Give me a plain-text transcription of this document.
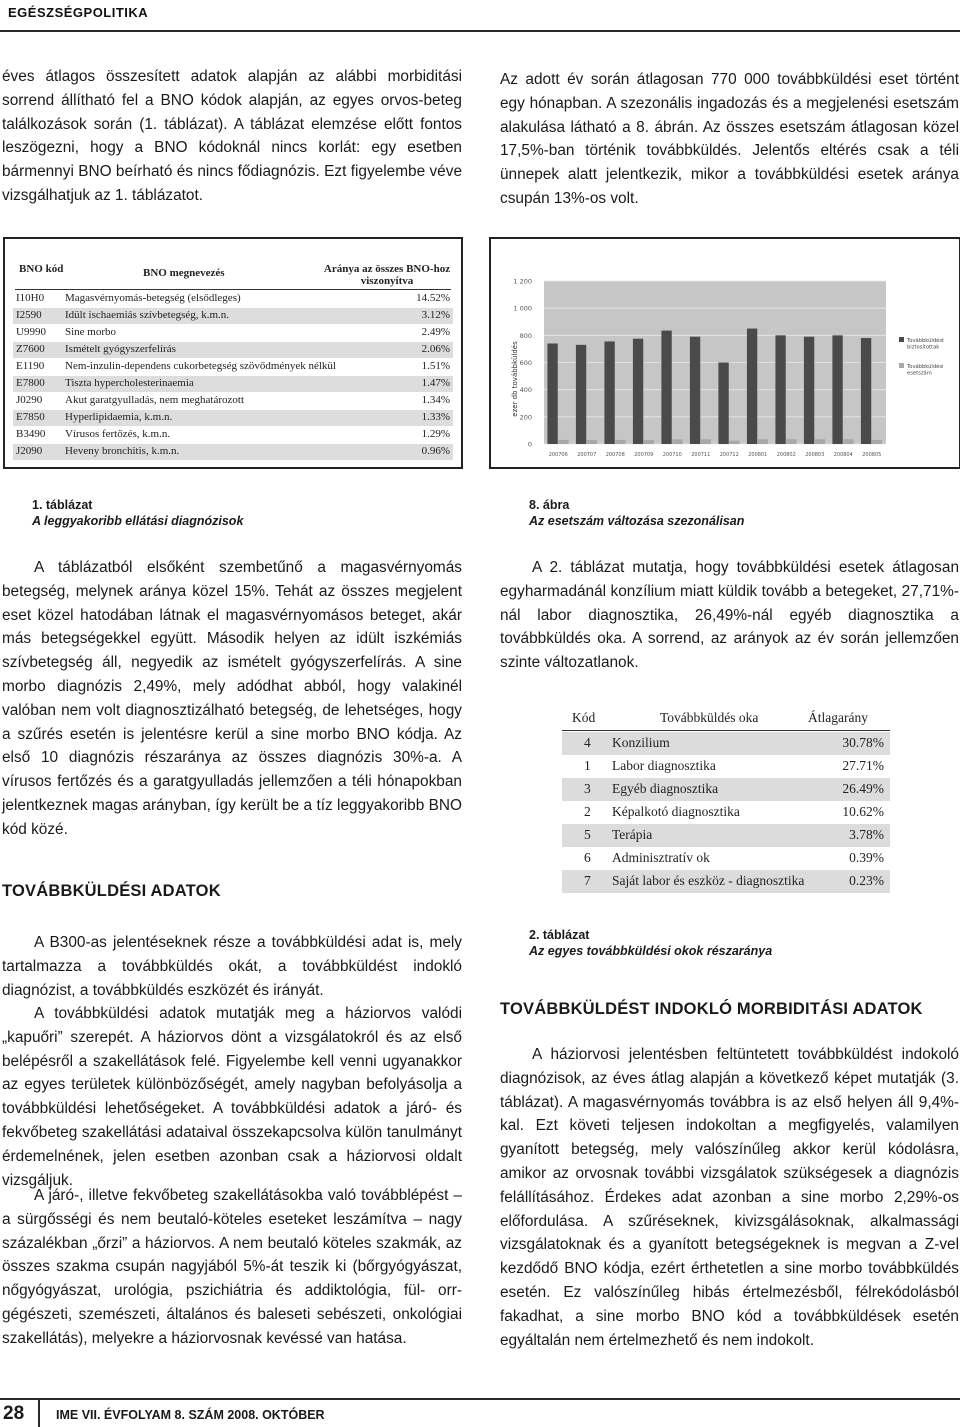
EGÉSZSÉGPOLITIKA

éves átlagos összesített adatok alapján az alábbi morbiditási sorrend állítható fel a BNO kódok alapján, az egyes orvos-beteg találkozások során (1. táblázat). A táblázat elemzése előtt fontos leszögezni, hogy a BNO kódoknál nincs korlát: egy esetben bármennyi BNO beírható és nincs fődiagnózis. Ezt figyelembe véve vizsgálhatjuk az 1. táblázatot.

Az adott év során átlagosan 770 000 továbbküldési eset történt egy hónapban. A szezonális ingadozás és a megjelenési esetszám alakulása látható a 8. ábrán. Az összes esetszám átlagosan közel 17,5%-ban történik továbbküldés. Jelentős eltérés csak a téli ünnepek alatt jelentkezik, mikor a továbbküldési esetek aránya csupán 13%-os volt.

BNO kód	BNO megnevezés	Aránya az összes BNO-hoz viszonyítva
I10H0 Magasvérnyomás-betegség (elsődleges)	14.52%
I2590 Idült ischaemiás szívbetegség, k.m.n.	3.12%
U9990 Sine morbo	2.49%
Z7600 Ismételt gyógyszerfelírás	2.06%
E1190 Nem-inzulin-dependens cukorbetegség szövődmények nélkül	1.51%
E7800 Tiszta hypercholesterinaemia	1.47%
J0290 Akut garatgyulladás, nem meghatározott	1.34%
E7850 Hyperlipidaemia, k.m.n.	1.33%
B3490 Vírusos fertőzés, k.m.n.	1.29%
J2090 Heveny bronchitis, k.m.n.	0.96%
0
200
400
600
800
1 000
1 200
200706 200707 200708 200709 200710 200711 200712 200801 200802 200803 200804 200805
ezer db továbbküldés
Továbbküldést biztosítottak
Továbbküldési esetszám
1. táblázat
A leggyakoribb ellátási diagnózisok
8. ábra
Az esetszám változása szezonálisan

A táblázatból elsőként szembetűnő a magasvérnyomás betegség, melynek aránya közel 15%. Tehát az összes megjelent eset közel hatodában látnak el magasvérnyomásos beteget, akár más betegségekkel együtt. Második helyen az idült iszkémiás szívbetegség áll, negyedik az ismételt gyógyszerfelírás. A sine morbo diagnózis 2,49%, mely adódhat abból, hogy valakinél valóban nem volt diagnosztizálható betegség, de lehetséges, hogy a szűrés esetén is jelentésre kerül a sine morbo BNO kódja. Az első 10 diagnózis részaránya az összes diagnózis 30%-a. A vírusos fertőzés és a garatgyulladás jellemzően a téli hónapokban jelentkeznek magas arányban, így került be a tíz leggyakoribb BNO kód közé.

TOVÁBBKÜLDÉSI ADATOK

A B300-as jelentéseknek része a továbbküldési adat is, mely tartalmazza a továbbküldés okát, a továbbküldést indokló diagnózist, a továbbküldés eszközét és irányát.

A továbbküldési adatok mutatják meg a háziorvos valódi „kapuőri” szerepét. A háziorvos dönt a vizsgálatokról és az első belépésről a szakellátások felé. Figyelembe kell venni ugyanakkor az egyes területek különbözőségét, amely nagyban befolyásolja a továbbküldési lehetőségeket. A továbbküldési adatok a járó- és fekvőbeteg szakellátási adataival összekapcsolva külön tanulmányt érdemelnének, jelen esetben azonban csak a háziorvosi oldalt vizsgáljuk.

A járó-, illetve fekvőbeteg szakellátásokba való továbblépést – a sürgősségi és nem beutaló-köteles eseteket leszámítva – nagy százalékban „őrzi” a háziorvos. A nem beutaló köteles szakmák, az összes szakma csupán nagyjából 5%-át teszik ki (bőrgyógyászat, nőgyógyászat, urológia, pszichiátria és addiktológia, fül- orr- gégészeti, szemészeti, általános és baleseti sebészeti, onkológiai szakellátás), melyekre a háziorvosnak kevéssé van hatása.

A 2. táblázat mutatja, hogy továbbküldési esetek átlagosan egyharmadánál konzílium miatt küldik tovább a betegeket, 27,71%-nál labor diagnosztika, 26,49%-nál egyéb diagnosztika a továbbküldés oka. A sorrend, az arányok az év során jellemzően szinte változatlanok.

Kód	Továbbküldés oka	Átlagarány
4 Konzilium	30.78%
1 Labor diagnosztika	27.71%
3 Egyéb diagnosztika	26.49%
2 Képalkotó diagnosztika	10.62%
5 Terápia	3.78%
6 Adminisztratív ok	0.39%
7 Saját labor és eszköz - diagnosztika	0.23%
2. táblázat
Az egyes továbbküldési okok részaránya
TOVÁBBKÜLDÉST INDOKLÓ MORBIDITÁSI ADATOK

A háziorvosi jelentésben feltüntetett továbbküldést indokoló diagnózisok, az éves átlag alapján a következő képet mutatják (3. táblázat). A magasvérnyomás továbbra is az első helyen áll 9,4%-kal. Ezt követi teljesen indokoltan a megfigyelés, valamilyen gyanított betegség, mely valószínűleg akkor kerül kódolásra, amikor az orvosnak további vizsgálatok szükségesek a diagnózis felállításához. Érdekes adat azonban a sine morbo 2,29%-os előfordulása. A szűréseknek, kivizsgálásoknak, alkalmassági vizsgálatoknak és a gyanított betegségeknek is megvan a Z-vel kezdődő BNO kódja, ezért érthetetlen a sine morbo továbbküldés esetén. Ez valószínűleg hibás értelmezésből, félrekódolásból fakadhat, a sine morbo BNO kód a továbbküldések esetén egyáltalán nem értelmezhető és nem indokolt.

28	IME VII. ÉVFOLYAM 8. SZÁM 2008. OKTÓBER
